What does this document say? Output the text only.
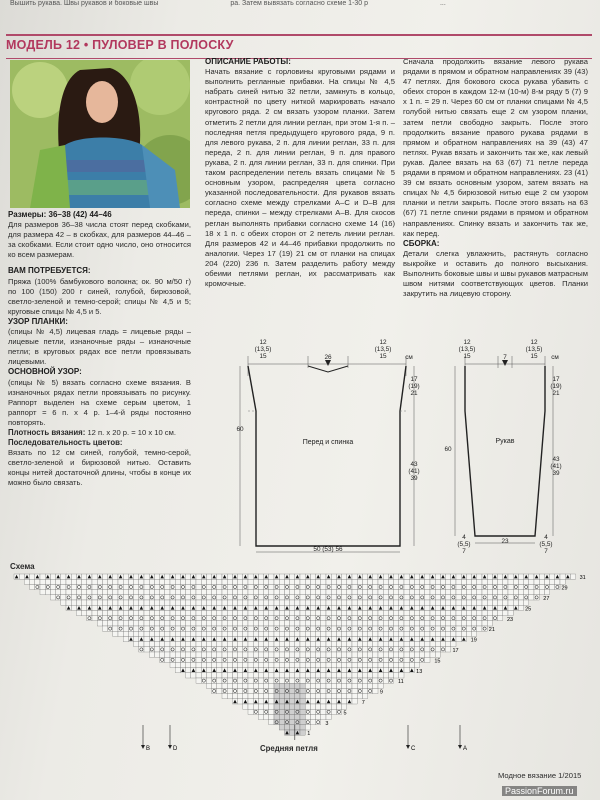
Вышить рукава. Швы рукавов и боковые швы	ра. Затем вывязать согласно схеме 1-30 р	...
МОДЕЛЬ 12 • ПУЛОВЕР В ПОЛОСКУ

Размеры: 36–38 (42) 44–46

Для размеров 36–38 числа стоят перед скобками, для размера 42 – в скобках, для размеров 44–46 – за скобками. Если стоит одно число, оно относится ко всем размерам.

ВАМ ПОТРЕБУЕТСЯ:

Пряжа (100% бамбукового волокна; ок. 90 м/50 г) по 100 (150) 200 г синей, голубой, бирюзовой, светло-зеленой и темно-серой; спицы № 4,5 и 5; круговые спицы № 4,5 и 5.

УЗОР ПЛАНКИ:

(спицы № 4,5) лицевая гладь = лицевые ряды – лицевые петли, изнаночные ряды – изнаночные петли; в круговых рядах все петли провязывать лицевыми.

ОСНОВНОЙ УЗОР:

(спицы № 5) вязать согласно схеме вязания. В изнаночных рядах петли провязывать по рисунку. Раппорт выделен на схеме серым цветом, 1 раппорт = 6 п. х 4 р. 1–4-й ряды постоянно повторять.

Плотность вязания: 12 п. х 20 р. = 10 х 10 см.

Последовательность цветов:

Вязать по 12 см синей, голубой, темно-серой, светло-зеленой и бирюзовой нитью. Оставить концы нитей достаточной длины, чтобы в конце их можно было связать.

ОПИСАНИЕ РАБОТЫ:

Начать вязание с горловины круговыми рядами и выполнить регланные прибавки. На спицы № 4,5 набрать синей нитью 32 петли, замкнуть в кольцо, контрастной по цвету ниткой маркировать начало кругового ряда. 2 см вязать узором планки. Затем отметить 2 петли для линии реглан, при этом 1-я п. – последняя петля предыдущего кругового ряда, 9 п. для левого рукава, 2 п. для линии реглан, 33 п. для переда, 2 п. для линии реглан, 9 п. для правого рукава, 2 п. для линии реглан, 33 п. для спинки. При таком распределении петель вязать спицами № 5 основным узором, распределяя цвета согласно указанной последовательности. Для рукавов вязать согласно схеме между стрелками A–C и D–B для переда, спинки – между стрелками A–B. Для скосов реглан выполнять прибавки согласно схеме 14 (16) 18 х 1 п. с обеих сторон от 2 петель линии реглан. Для размеров 42 и 44–46 прибавки продолжить по аналогии. Через 17 (19) 21 см от планки на спицах 204 (220) 236 п. Затем разделить работу между обеими петлями реглан, их рассматривать как кромочные.

Сначала продолжить вязание левого рукава рядами в прямом и обратном направлениях 39 (43) 47 петлях. Для бокового скоса рукава убавить с обеих сторон в каждом 12-м (10-м) 8-м ряду 5 (7) 9 х 1 п. = 29 п. Через 60 см от планки спицами № 4,5 голубой нитью связать еще 2 см узором планки, затем петли свободно закрыть. После этого продолжить вязание правого рукава рядами в прямом и обратном направлениях на 39 (43) 47 петлях. Рукав вязать и закончить так же, как левый рукав. Далее вязать на 63 (67) 71 петле переда рядами в прямом и обратном направлениях. 23 (41) 39 см вязать основным узором, затем вязать на спицах № 4,5 бирюзовой нитью еще 2 см узором планки и петли закрыть. После этого вязать на 63 (67) 71 петле спинки рядами в прямом и обратном направлениях. Спинку вязать и закончить так же, как перед.

СБОРКА:

Детали слегка увлажнить, растянуть согласно выкройке и оставить до полного высыхания. Выполнить боковые швы и швы рукавов матрасным швом нитями соответствующих цветов. Планки закрутить на лицевую сторону.

12
(13,5)
15	26
12
(13,5)
15	см
17
(19)
21
60
43
(41)
39
Перед и спинка
50 (53) 56
12
(13,5)
15	7
12
(13,5)
15	см
17
(19)
21
60
43
(41)
39
Рукав
23
4
(5,5)
7
4
(5,5)
7
Схема
31
29
27
25
23
21
19
17
15
13
11
9
7
5
3
1
B	D	C	A
Средняя петля
Модное вязание 1/2015
PassionForum.ru
